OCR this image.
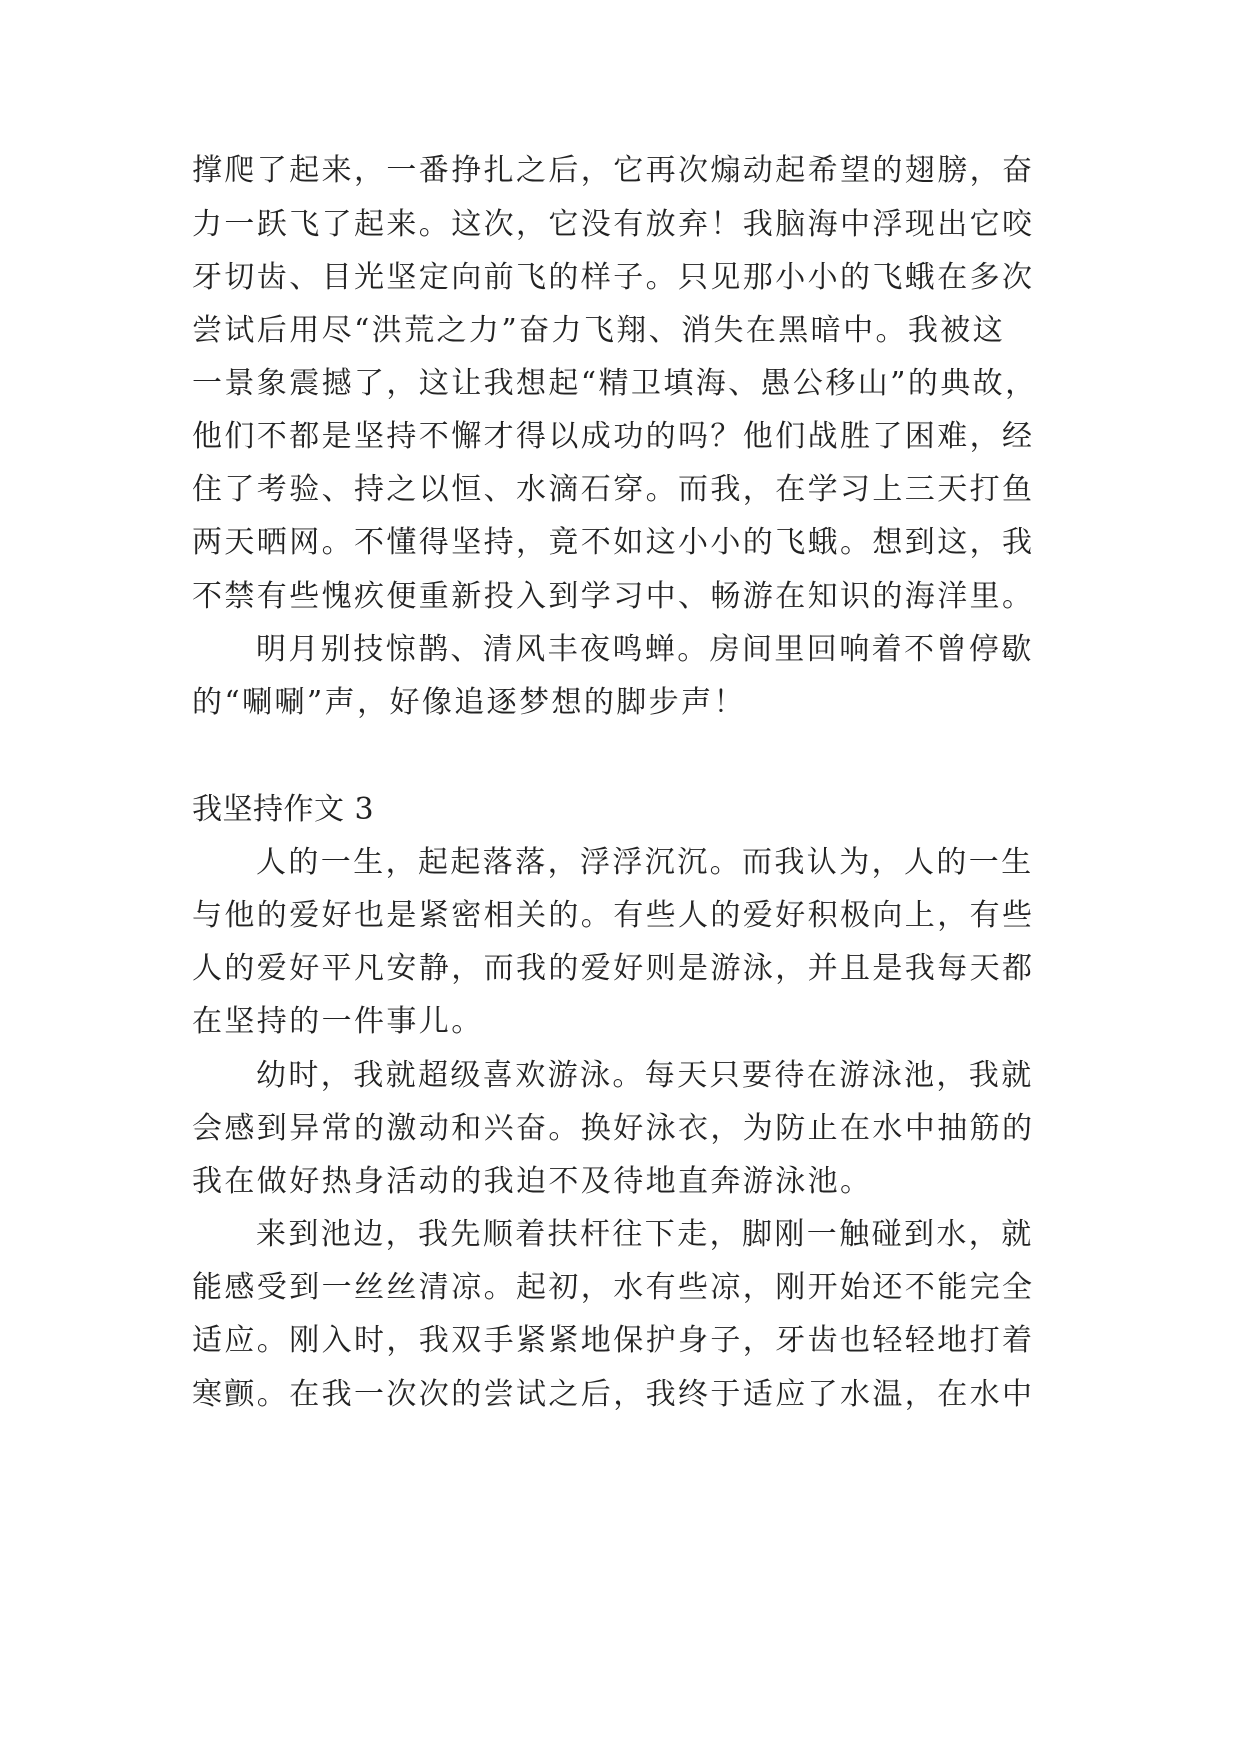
撑爬了起来，一番挣扎之后，它再次煽动起希望的翅膀，奋
力一跃飞了起来。这次，它没有放弃！我脑海中浮现出它咬
牙切齿、目光坚定向前飞的样子。只见那小小的飞蛾在多次
尝试后用尽“洪荒之力”奋力飞翔、消失在黑暗中。我被这
一景象震撼了，这让我想起“精卫填海、愚公移山”的典故，
他们不都是坚持不懈才得以成功的吗？他们战胜了困难，经
住了考验、持之以恒、水滴石穿。而我，在学习上三天打鱼
两天晒网。不懂得坚持，竟不如这小小的飞蛾。想到这，我
不禁有些愧疚便重新投入到学习中、畅游在知识的海洋里。
明月别技惊鹊、清风丰夜鸣蝉。房间里回响着不曾停歇
的“唰唰”声，好像追逐梦想的脚步声！
我坚持作文 3
人的一生，起起落落，浮浮沉沉。而我认为，人的一生
与他的爱好也是紧密相关的。有些人的爱好积极向上，有些
人的爱好平凡安静，而我的爱好则是游泳，并且是我每天都
在坚持的一件事儿。
幼时，我就超级喜欢游泳。每天只要待在游泳池，我就
会感到异常的激动和兴奋。换好泳衣，为防止在水中抽筋的
我在做好热身活动的我迫不及待地直奔游泳池。
来到池边，我先顺着扶杆往下走，脚刚一触碰到水，就
能感受到一丝丝清凉。起初，水有些凉，刚开始还不能完全
适应。刚入时，我双手紧紧地保护身子，牙齿也轻轻地打着
寒颤。在我一次次的尝试之后，我终于适应了水温，在水中
